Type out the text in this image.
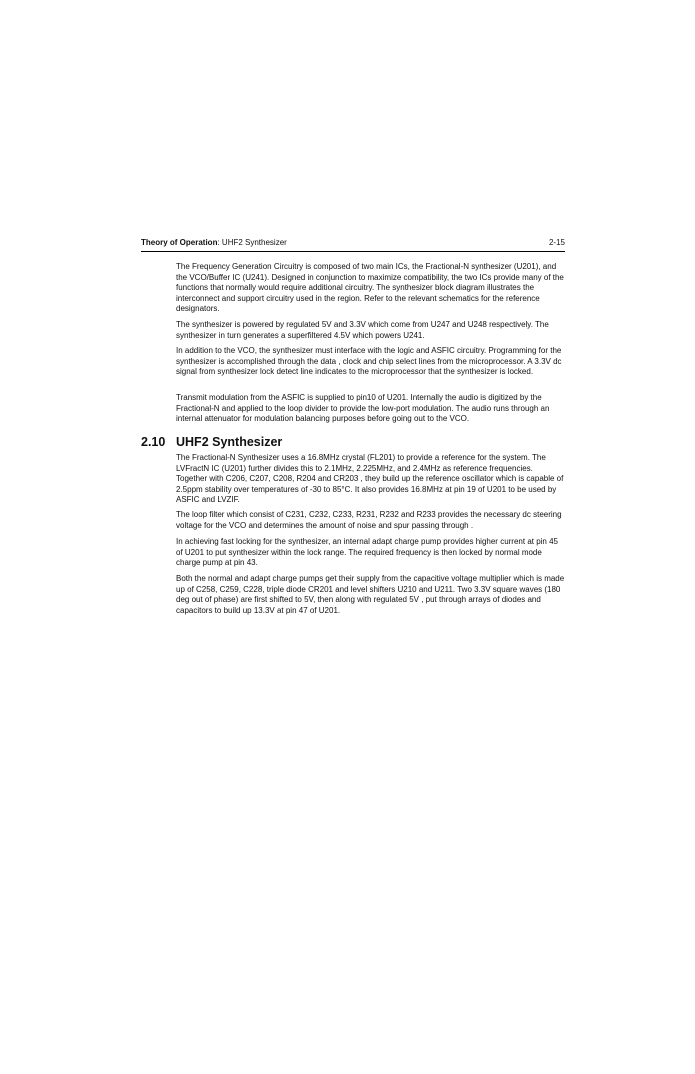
Theory of Operation: UHF2 Synthesizer	2-15

The Frequency Generation Circuitry is composed of two main ICs, the Fractional-N synthesizer (U201), and the VCO/Buffer IC (U241). Designed in conjunction to maximize compatibility, the two ICs provide many of the functions that normally would require additional circuitry. The synthesizer block diagram illustrates the interconnect and support circuitry used in the region. Refer to the relevant schematics for the reference designators.

The synthesizer is powered by regulated 5V and 3.3V which come from U247 and U248 respectively. The synthesizer in turn generates a superfiltered 4.5V which powers U241.

In addition to the VCO, the synthesizer must interface with the logic and ASFIC circuitry. Programming for the synthesizer is accomplished through the data , clock and chip select lines from the microprocessor. A 3.3V dc signal from synthesizer lock detect line indicates to the microprocessor that the synthesizer is locked.

Transmit modulation from the ASFIC is supplied to pin10 of U201. Internally the audio is digitized by the Fractional-N and applied to the loop divider to provide the low-port modulation. The audio runs through an internal attenuator for modulation balancing purposes before going out to the VCO.

2.10 UHF2 Synthesizer

The Fractional-N Synthesizer uses a 16.8MHz crystal (FL201) to provide a reference for the system. The LVFractN IC (U201) further divides this to 2.1MHz, 2.225MHz, and 2.4MHz as reference frequencies. Together with C206, C207, C208, R204 and CR203 , they build up the reference oscillator which is capable of 2.5ppm stability over temperatures of -30 to 85°C. It also provides 16.8MHz at pin 19 of U201 to be used by ASFIC and LVZIF.

The loop filter which consist of C231, C232, C233, R231, R232 and R233 provides the necessary dc steering voltage for the VCO and determines the amount of noise and spur passing through .

In achieving fast locking for the synthesizer, an internal adapt charge pump provides higher current at pin 45 of U201 to put synthesizer within the lock range. The required frequency is then locked by normal mode charge pump at pin 43.

Both the normal and adapt charge pumps get their supply from the capacitive voltage multiplier which is made up of C258, C259, C228, triple diode CR201 and level shifters U210 and U211. Two 3.3V square waves (180 deg out of phase) are first shifted to 5V, then along with regulated 5V , put through arrays of diodes and capacitors to build up 13.3V at pin 47 of U201.
